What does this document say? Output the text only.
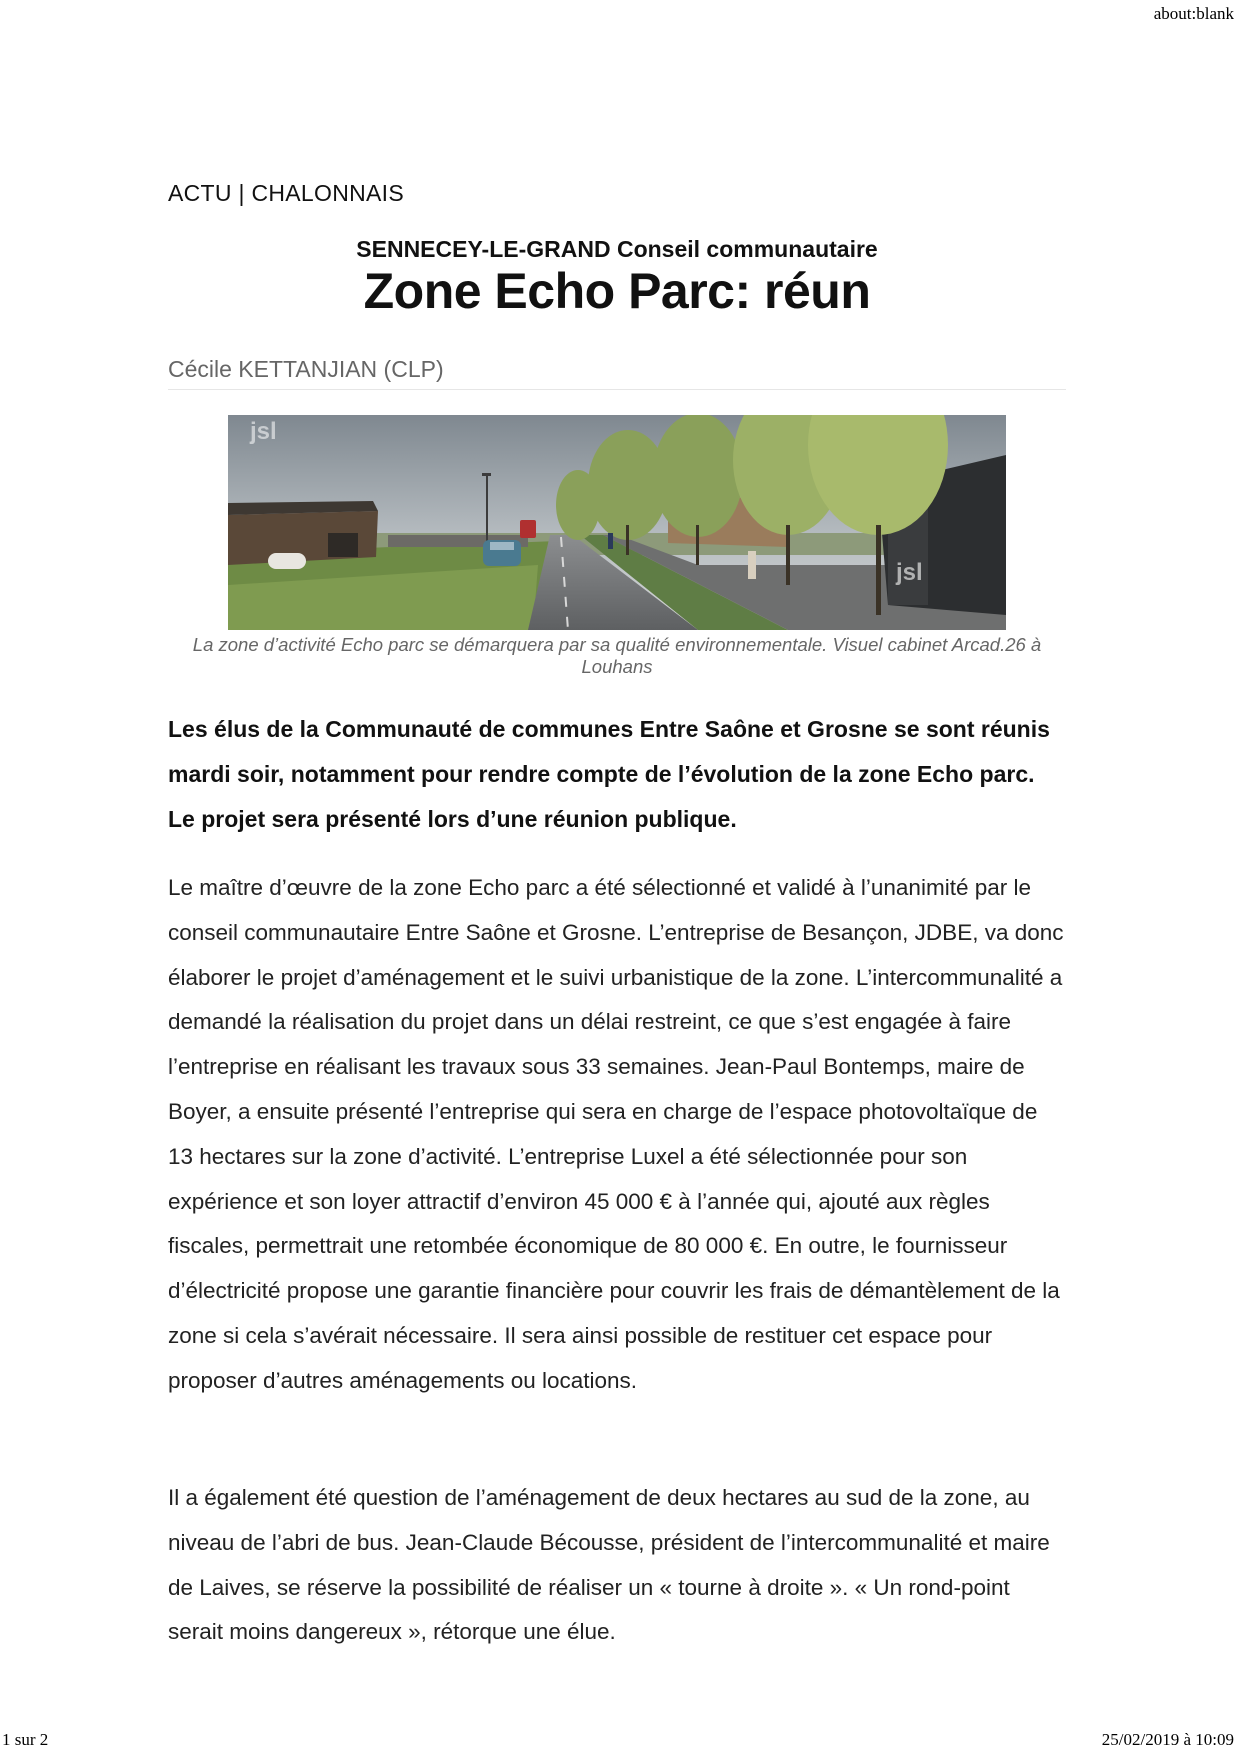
about:blank
1 sur 2	25/02/2019 à 10:09
ACTU | CHALONNAIS
SENNECEY-LE-GRAND Conseil communautaire
Zone Echo Parc: réun
Cécile KETTANJIAN (CLP)
jsl
jsl
La zone d’activité Echo parc se démarquera par sa qualité environnementale. Visuel cabinet Arcad.26 à Louhans

Les élus de la Communauté de communes Entre Saône et Grosne se sont réunis mardi soir, notamment pour rendre compte de l’évolution de la zone Echo parc. Le projet sera présenté lors d’une réunion publique.

Le maître d’œuvre de la zone Echo parc a été sélectionné et validé à l’unanimité par le conseil communautaire Entre Saône et Grosne. L’entreprise de Besançon, JDBE, va donc élaborer le projet d’aménagement et le suivi urbanistique de la zone. L’intercommunalité a demandé la réalisation du projet dans un délai restreint, ce que s’est engagée à faire l’entreprise en réalisant les travaux sous 33 semaines. Jean-Paul Bontemps, maire de Boyer, a ensuite présenté l’entreprise qui sera en charge de l’espace photovoltaïque de 13 hectares sur la zone d’activité. L’entreprise Luxel a été sélectionnée pour son expérience et son loyer attractif d’environ 45 000 € à l’année qui, ajouté aux règles fiscales, permettrait une retombée économique de 80 000 €. En outre, le fournisseur d’électricité propose une garantie financière pour couvrir les frais de démantèlement de la zone si cela s’avérait nécessaire. Il sera ainsi possible de restituer cet espace pour proposer d’autres aménagements ou locations.

Il a également été question de l’aménagement de deux hectares au sud de la zone, au niveau de l’abri de bus. Jean-Claude Bécousse, président de l’intercommunalité et maire de Laives, se réserve la possibilité de réaliser un « tourne à droite ». « Un rond-point serait moins dangereux », rétorque une élue.
